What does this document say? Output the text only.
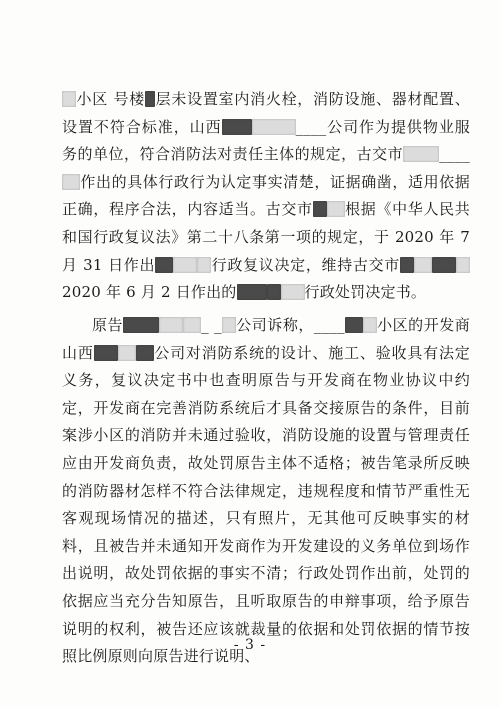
小区 号楼 层未设置室内消火栓，消防设施、器材配置、设置不符合标准，山西	____公司作为提供物业服务的单位，符合消防法对责任主体的规定，古交市 ____作出的具体行政行为认定事实清楚，证据确凿，适用依据正确，程序合法，内容适当。古交市 根据《中华人民共和国行政复议法》第二十八条第一项的规定，于 2020 年 7 月 31 日作出	行政复议决定，维持古交市2020 年 6 月 2 日作出的	行政处罚决定书。

原告	_ _ 公司诉称，____ 小区的开发商山西	公司对消防系统的设计、施工、验收具有法定义务，复议决定书中也查明原告与开发商在物业协议中约定，开发商在完善消防系统后才具备交接原告的条件，目前案涉小区的消防并未通过验收，消防设施的设置与管理责任应由开发商负责，故处罚原告主体不适格；被告笔录所反映的消防器材怎样不符合法律规定，违规程度和情节严重性无客观现场情况的描述，只有照片，无其他可反映事实的材料，且被告并未通知开发商作为开发建设的义务单位到场作出说明，故处罚依据的事实不清；行政处罚作出前，处罚的依据应当充分告知原告，且听取原告的申辩事项，给予原告说明的权利，被告还应该就裁量的依据和处罚依据的情节按照比例原则向原告进行说明、

- 3 -
